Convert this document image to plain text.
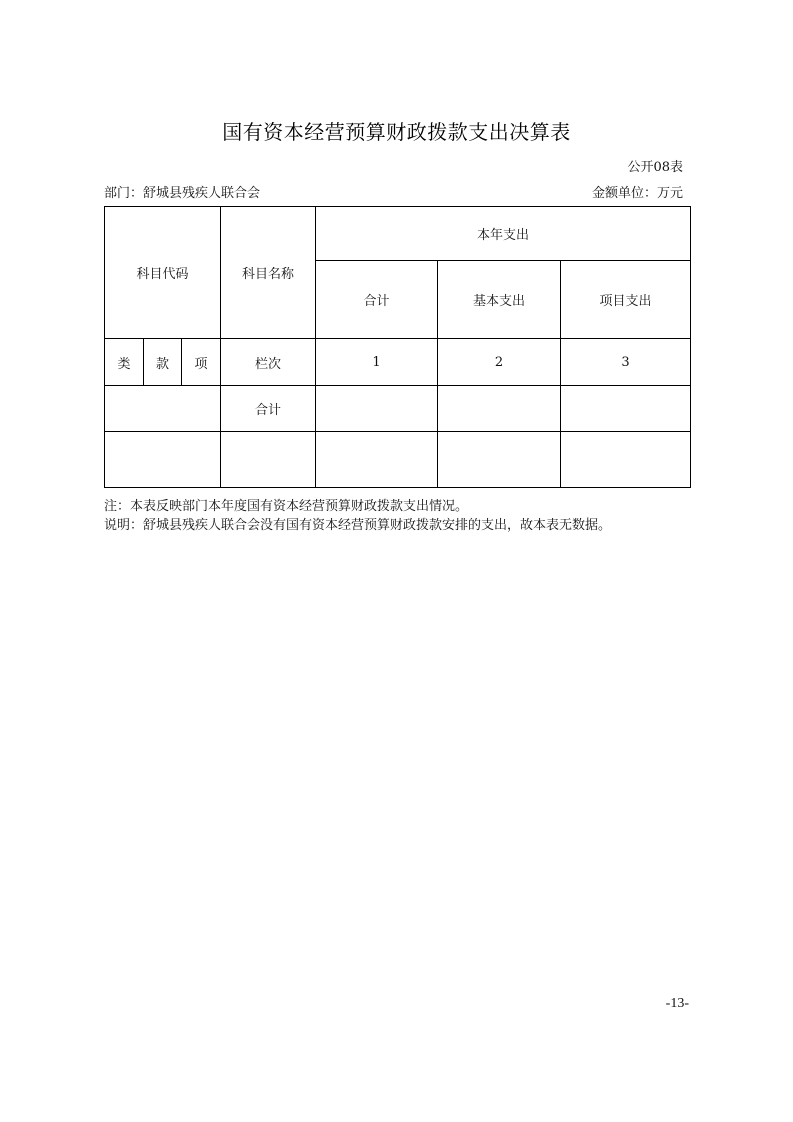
国有资本经营预算财政拨款支出决算表
公开08表
部门：舒城县残疾人联合会	金额单位：万元
科目代码			科目名称	本年支出		
				合计	基本支出	项目支出
类	款	项	栏次	1	2	3
			合计			

注：本表反映部门本年度国有资本经营预算财政拨款支出情况。
说明：舒城县残疾人联合会没有国有资本经营预算财政拨款安排的支出，故本表无数据。
-13-
